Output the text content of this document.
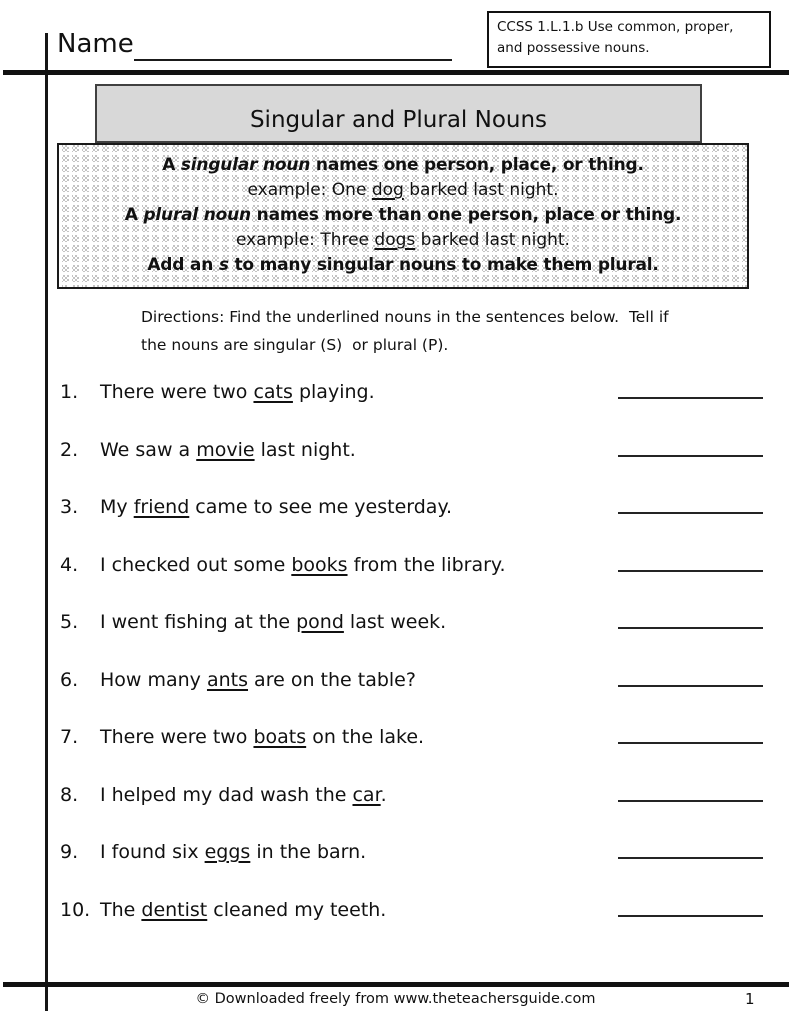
Name
CCSS 1.L.1.b Use common, proper, and possessive nouns.
Singular and Plural Nouns
A singular noun names one person, place, or thing.
example: One dog barked last night.
A plural noun names more than one person, place or thing.
example: Three dogs barked last night.
Add an s to many singular nouns to make them plural.
Directions: Find the underlined nouns in the sentences below.  Tell if the nouns are singular (S)  or plural (P).
1.	There were two cats playing.
2.	We saw a movie last night.
3.	My friend came to see me yesterday.
4.	I checked out some books from the library.
5.	I went fishing at the pond last week.
6.	How many ants are on the table?
7.	There were two boats on the lake.
8.	I helped my dad wash the car.
9.	I found six eggs in the barn.
10. The dentist cleaned my teeth.
© Downloaded freely from www.theteachersguide.com	1
